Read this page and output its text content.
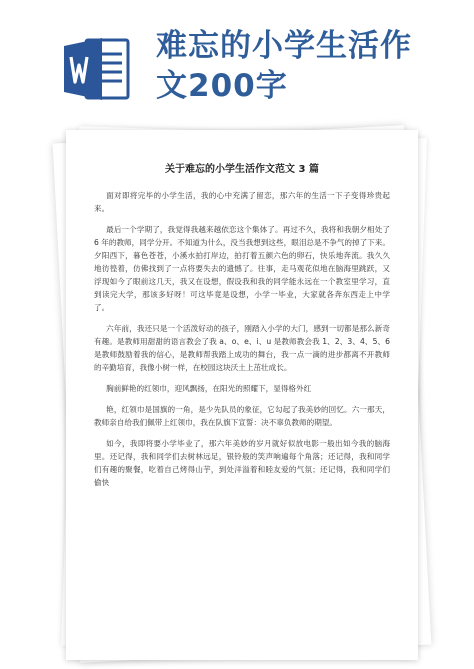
难忘的小学生活作
文200字
关于难忘的小学生活作文范文 3 篇

面对即将完毕的小学生活，我的心中充满了留恋，那六年的生活一下子变得珍贵起来。

最后一个学期了，我觉得我越来越依恋这个集体了。再过不久，我将和我朝夕相处了6 年的教师，同学分开。不知道为什么，没当我想到这些，眼泪总是不争气的掉了下来。夕阳西下，暮色苍苍，小溪水拍打岸边，拍打着五颜六色的卵石，快乐地奔流。我久久地彷徨着，仿佛找到了一点将要失去的遗憾了。往事，走马观花似地在脑海里跳跃，又浮现如今了眼前这几天，我又在设想，假设我和我的同学能永远在一个教室里学习，直到读完大学，那该多好呀！可这毕竟是设想，小学一毕业，大家就各奔东西走上中学了。

六年前，我还只是一个活泼好动的孩子，刚踏入小学的大门，感到一切都是那么新奇有趣。是教师用甜甜的语言教会了我 a、o、e、i、u 是教师教会我 1、2、3、4、5、6 是教师鼓励着我的信心，是教师帮我踏上成功的舞台，我一点一滴的进步都离不开教师的辛勤培育，我像小树一样，在校园这块沃土上茁壮成长。

胸前鲜艳的红领巾，迎风飘扬，在阳光的照耀下，显得格外红

艳，红领巾是国旗的一角，是少先队员的象征，它勾起了我美妙的回忆。六一那天，教师亲自给我们佩带上红领巾，我在队旗下宣誓：决不辜负教师的期望。

如今，我即将要小学毕业了，那六年美妙的岁月就好似放电影一般出如今我的脑海里。还记得，我和同学们去树林远足，银铃般的笑声响遍每个角落；还记得，我和同学们有趣的聚餐，吃着自己烤得山芋，到处洋溢着和睦友爱的气氛；还记得，我和同学们偷快
